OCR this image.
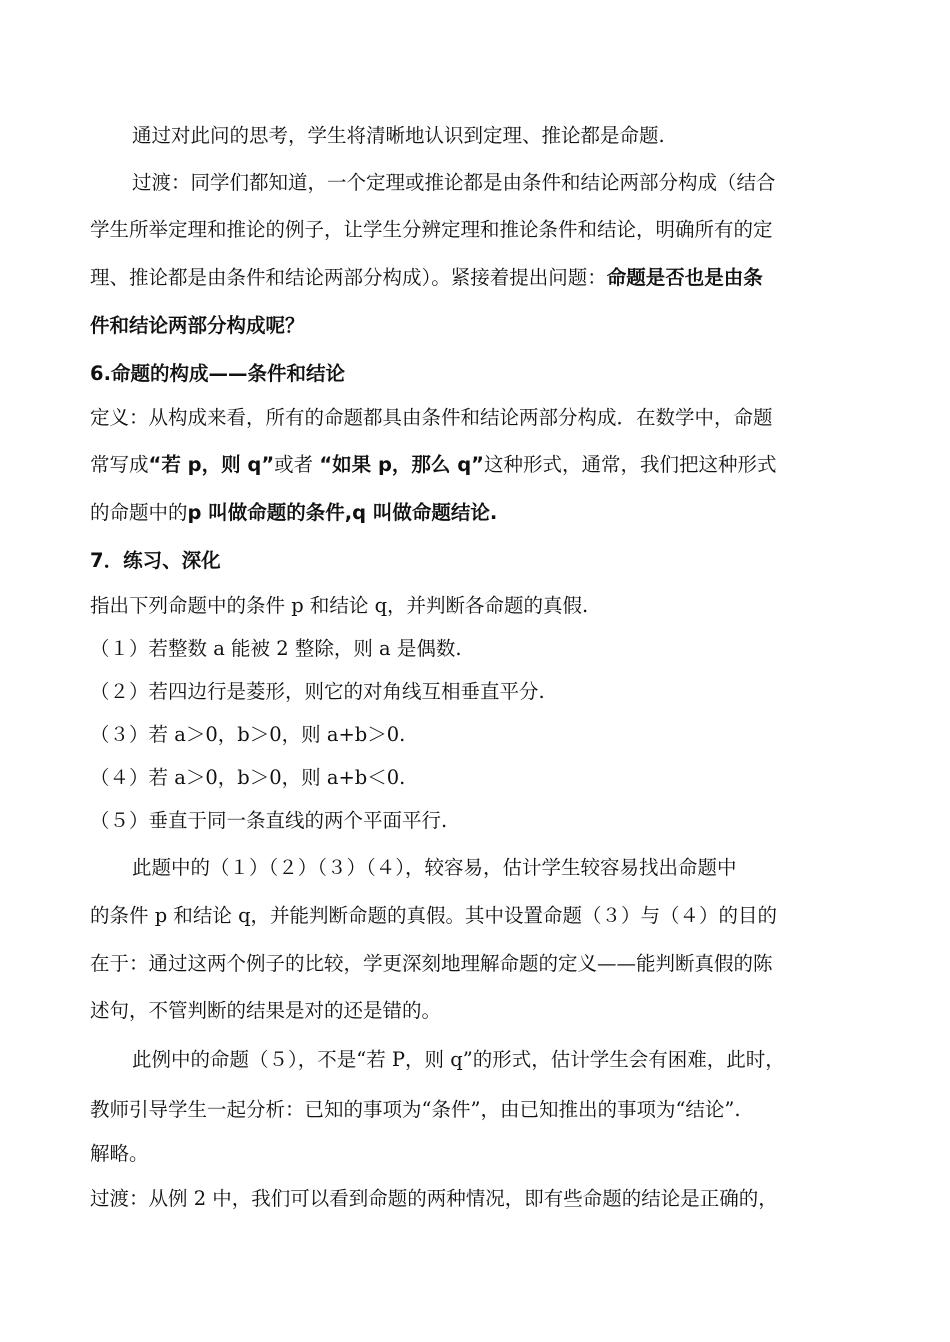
通过对此问的思考，学生将清晰地认识到定理、推论都是命题.
过渡：同学们都知道，一个定理或推论都是由条件和结论两部分构成（结合
学生所举定理和推论的例子，让学生分辨定理和推论条件和结论，明确所有的定
理、推论都是由条件和结论两部分构成）。紧接着提出问题：命题是否也是由条
件和结论两部分构成呢？
6.命题的构成——条件和结论
定义：从构成来看，所有的命题都具由条件和结论两部分构成．在数学中，命题
常写成“若 p，则 q”或者 “如果 p，那么 q”这种形式，通常，我们把这种形式
的命题中的p 叫做命题的条件,q 叫做命题结论.
7．练习、深化
指出下列命题中的条件 p 和结论 q，并判断各命题的真假.
（１）若整数 a 能被 2 整除，则 a 是偶数.
（２）若四边行是菱形，则它的对角线互相垂直平分.
（３）若 a＞0，b＞0，则 a+b＞0.
（４）若 a＞0，b＞0，则 a+b＜0.
（５）垂直于同一条直线的两个平面平行.
此题中的（１）（２）（３）（４），较容易，估计学生较容易找出命题中
的条件 p 和结论 q，并能判断命题的真假。其中设置命题（３）与（４）的目的
在于：通过这两个例子的比较，学更深刻地理解命题的定义——能判断真假的陈
述句，不管判断的结果是对的还是错的。
此例中的命题（５），不是“若 P，则 q”的形式，估计学生会有困难，此时，
教师引导学生一起分析：已知的事项为“条件”，由已知推出的事项为“结论”.
解略。
过渡：从例 2 中，我们可以看到命题的两种情况，即有些命题的结论是正确的，
